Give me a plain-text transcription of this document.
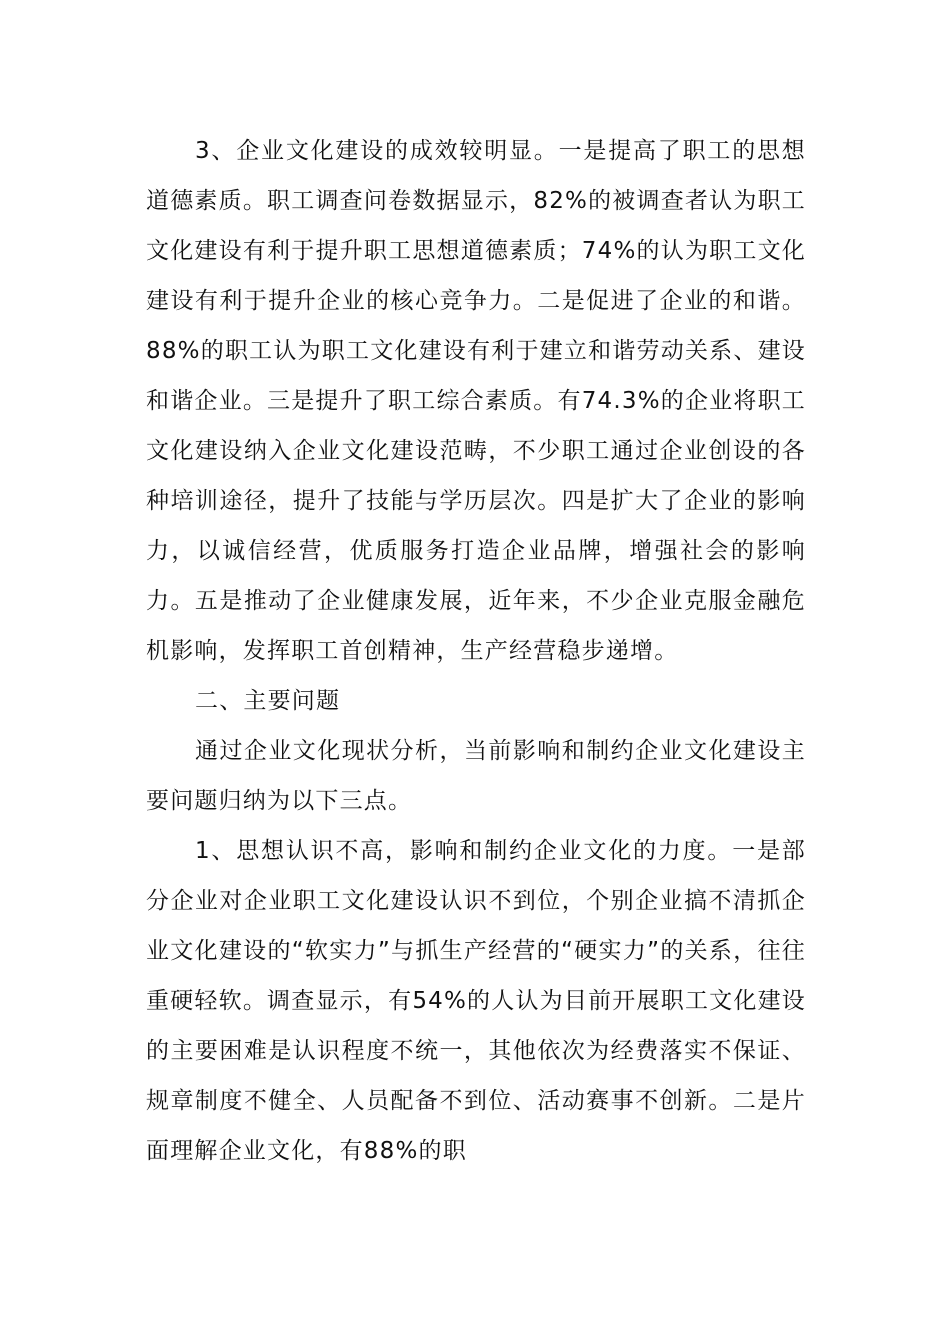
3、企业文化建设的成效较明显。一是提高了职工的思想道德素质。职工调查问卷数据显示，82%的被调查者认为职工文化建设有利于提升职工思想道德素质；74%的认为职工文化建设有利于提升企业的核心竞争力。二是促进了企业的和谐。88%的职工认为职工文化建设有利于建立和谐劳动关系、建设和谐企业。三是提升了职工综合素质。有74.3%的企业将职工文化建设纳入企业文化建设范畴，不少职工通过企业创设的各种培训途径，提升了技能与学历层次。四是扩大了企业的影响力，以诚信经营，优质服务打造企业品牌，增强社会的影响力。五是推动了企业健康发展，近年来，不少企业克服金融危机影响，发挥职工首创精神，生产经营稳步递增。

二、主要问题

通过企业文化现状分析，当前影响和制约企业文化建设主要问题归纳为以下三点。

1、思想认识不高，影响和制约企业文化的力度。一是部分企业对企业职工文化建设认识不到位，个别企业搞不清抓企业文化建设的“软实力”与抓生产经营的“硬实力”的关系，往往重硬轻软。调查显示，有54%的人认为目前开展职工文化建设的主要困难是认识程度不统一，其他依次为经费落实不保证、规章制度不健全、人员配备不到位、活动赛事不创新。二是片面理解企业文化，有88%的职
